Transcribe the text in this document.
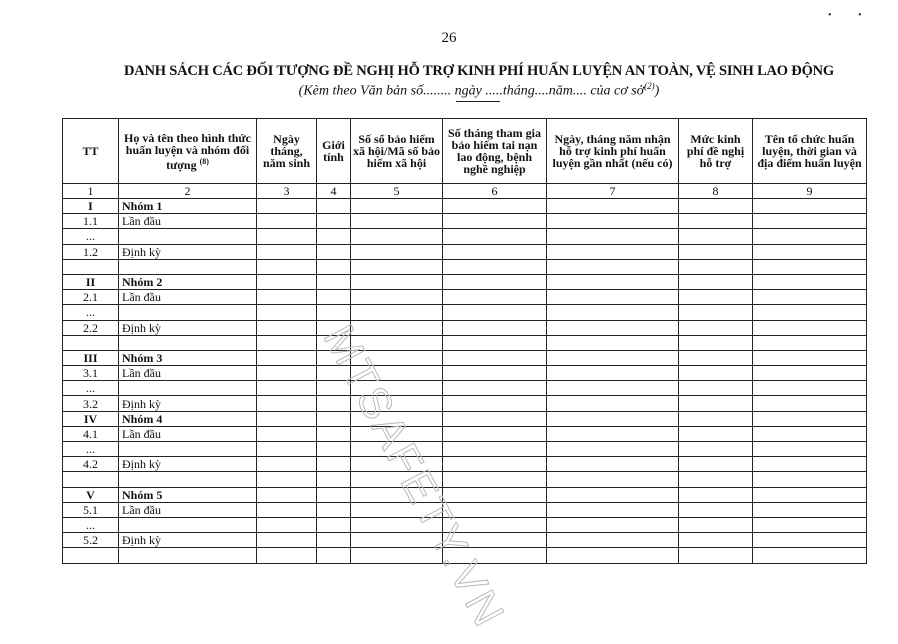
26
•	•
DANH SÁCH CÁC ĐỐI TƯỢNG ĐỀ NGHỊ HỖ TRỢ KINH PHÍ HUẤN LUYỆN AN TOÀN, VỆ SINH LAO ĐỘNG
(Kèm theo Văn bản số........ ngày .....tháng....năm.... của cơ sở$^{(2)}$)
TT	Họ và tên theo hình thức huấn luyện và nhóm đối tượng $^{(8)}$	Ngày tháng, năm sinh	Giới tính	Số sổ bảo hiểm xã hội/Mã số bảo hiểm xã hội	Số tháng tham gia bảo hiểm tai nạn lao động, bệnh nghề nghiệp	Ngày, tháng năm nhận hỗ trợ kinh phí huấn luyện gần nhất (nếu có)	Mức kinh phí đề nghị hỗ trợ	Tên tổ chức huấn luyện, thời gian và địa điểm huấn luyện
1	2	3	4	5	6	7	8	9
I	Nhóm 1							
1.1	Lần đầu							
...								
1.2	Định kỳ							

II	Nhóm 2							
2.1	Lần đầu							
...								
2.2	Định kỳ							

III	Nhóm 3							
3.1	Lần đầu							
...								
3.2	Định kỳ							
IV	Nhóm 4							
4.1	Lần đầu							
...								
4.2	Định kỳ							

V	Nhóm 5							
5.1	Lần đầu							
...								
5.2	Định kỳ							
									MTSAFETY.VN
